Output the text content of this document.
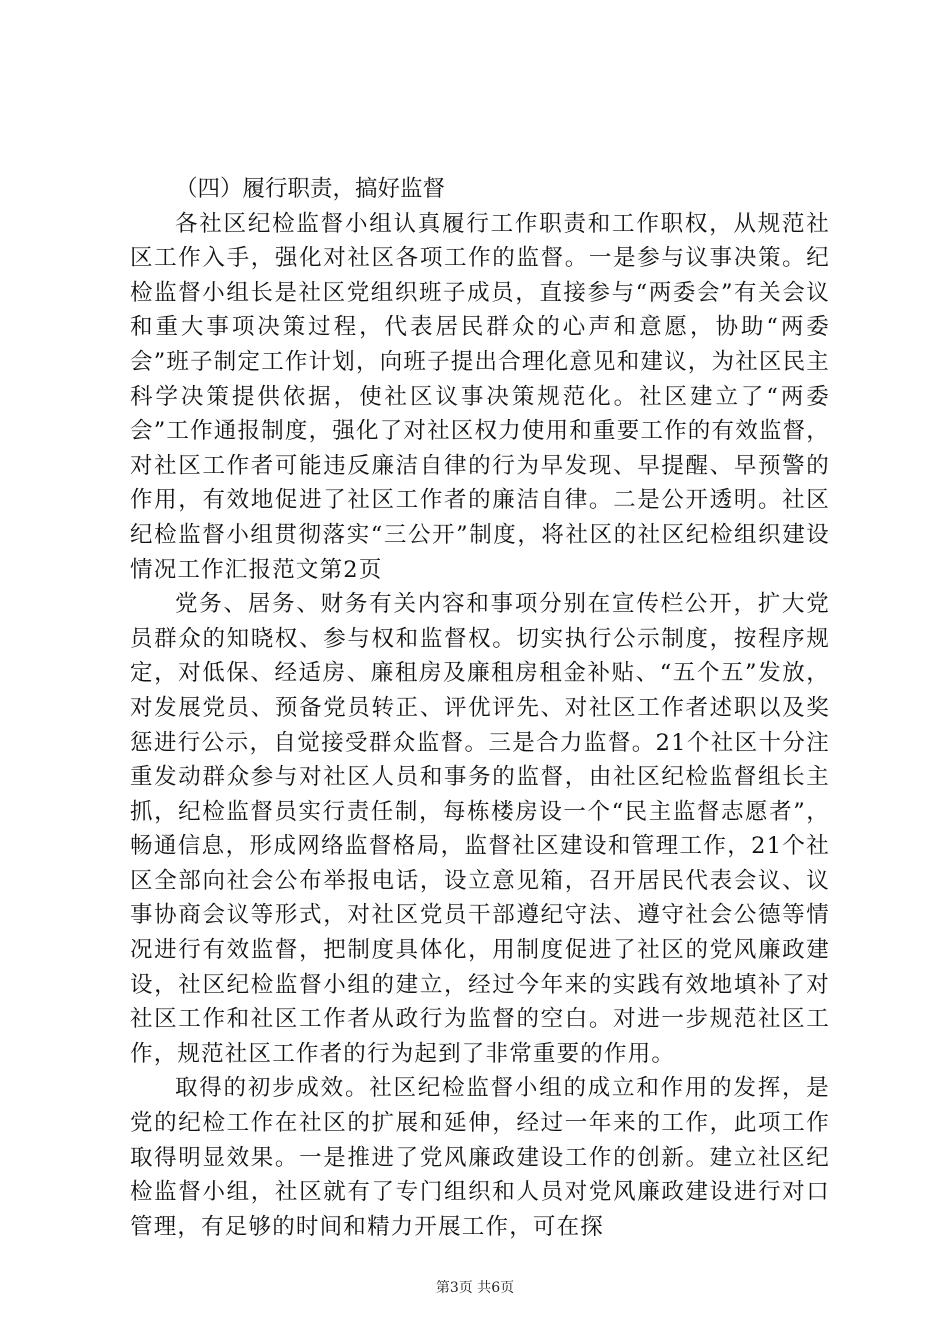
（四）履行职责，搞好监督

各社区纪检监督小组认真履行工作职责和工作职权，从规范社区工作入手，强化对社区各项工作的监督。一是参与议事决策。纪检监督小组长是社区党组织班子成员，直接参与“两委会”有关会议和重大事项决策过程，代表居民群众的心声和意愿，协助“两委会”班子制定工作计划，向班子提出合理化意见和建议，为社区民主科学决策提供依据，使社区议事决策规范化。社区建立了“两委会”工作通报制度，强化了对社区权力使用和重要工作的有效监督，对社区工作者可能违反廉洁自律的行为早发现、早提醒、早预警的作用，有效地促进了社区工作者的廉洁自律。二是公开透明。社区纪检监督小组贯彻落实“三公开”制度，将社区的社区纪检组织建设情况工作汇报范文第2页

党务、居务、财务有关内容和事项分别在宣传栏公开，扩大党员群众的知晓权、参与权和监督权。切实执行公示制度，按程序规定，对低保、经适房、廉租房及廉租房租金补贴、“五个五”发放，对发展党员、预备党员转正、评优评先、对社区工作者述职以及奖惩进行公示，自觉接受群众监督。三是合力监督。21个社区十分注重发动群众参与对社区人员和事务的监督，由社区纪检监督组长主抓，纪检监督员实行责任制，每栋楼房设一个“民主监督志愿者”，畅通信息，形成网络监督格局，监督社区建设和管理工作，21个社区全部向社会公布举报电话，设立意见箱，召开居民代表会议、议事协商会议等形式，对社区党员干部遵纪守法、遵守社会公德等情况进行有效监督，把制度具体化，用制度促进了社区的党风廉政建设，社区纪检监督小组的建立，经过今年来的实践有效地填补了对社区工作和社区工作者从政行为监督的空白。对进一步规范社区工作，规范社区工作者的行为起到了非常重要的作用。

取得的初步成效。社区纪检监督小组的成立和作用的发挥，是党的纪检工作在社区的扩展和延伸，经过一年来的工作，此项工作取得明显效果。一是推进了党风廉政建设工作的创新。建立社区纪检监督小组，社区就有了专门组织和人员对党风廉政建设进行对口管理，有足够的时间和精力开展工作，可在探

第3页 共6页
